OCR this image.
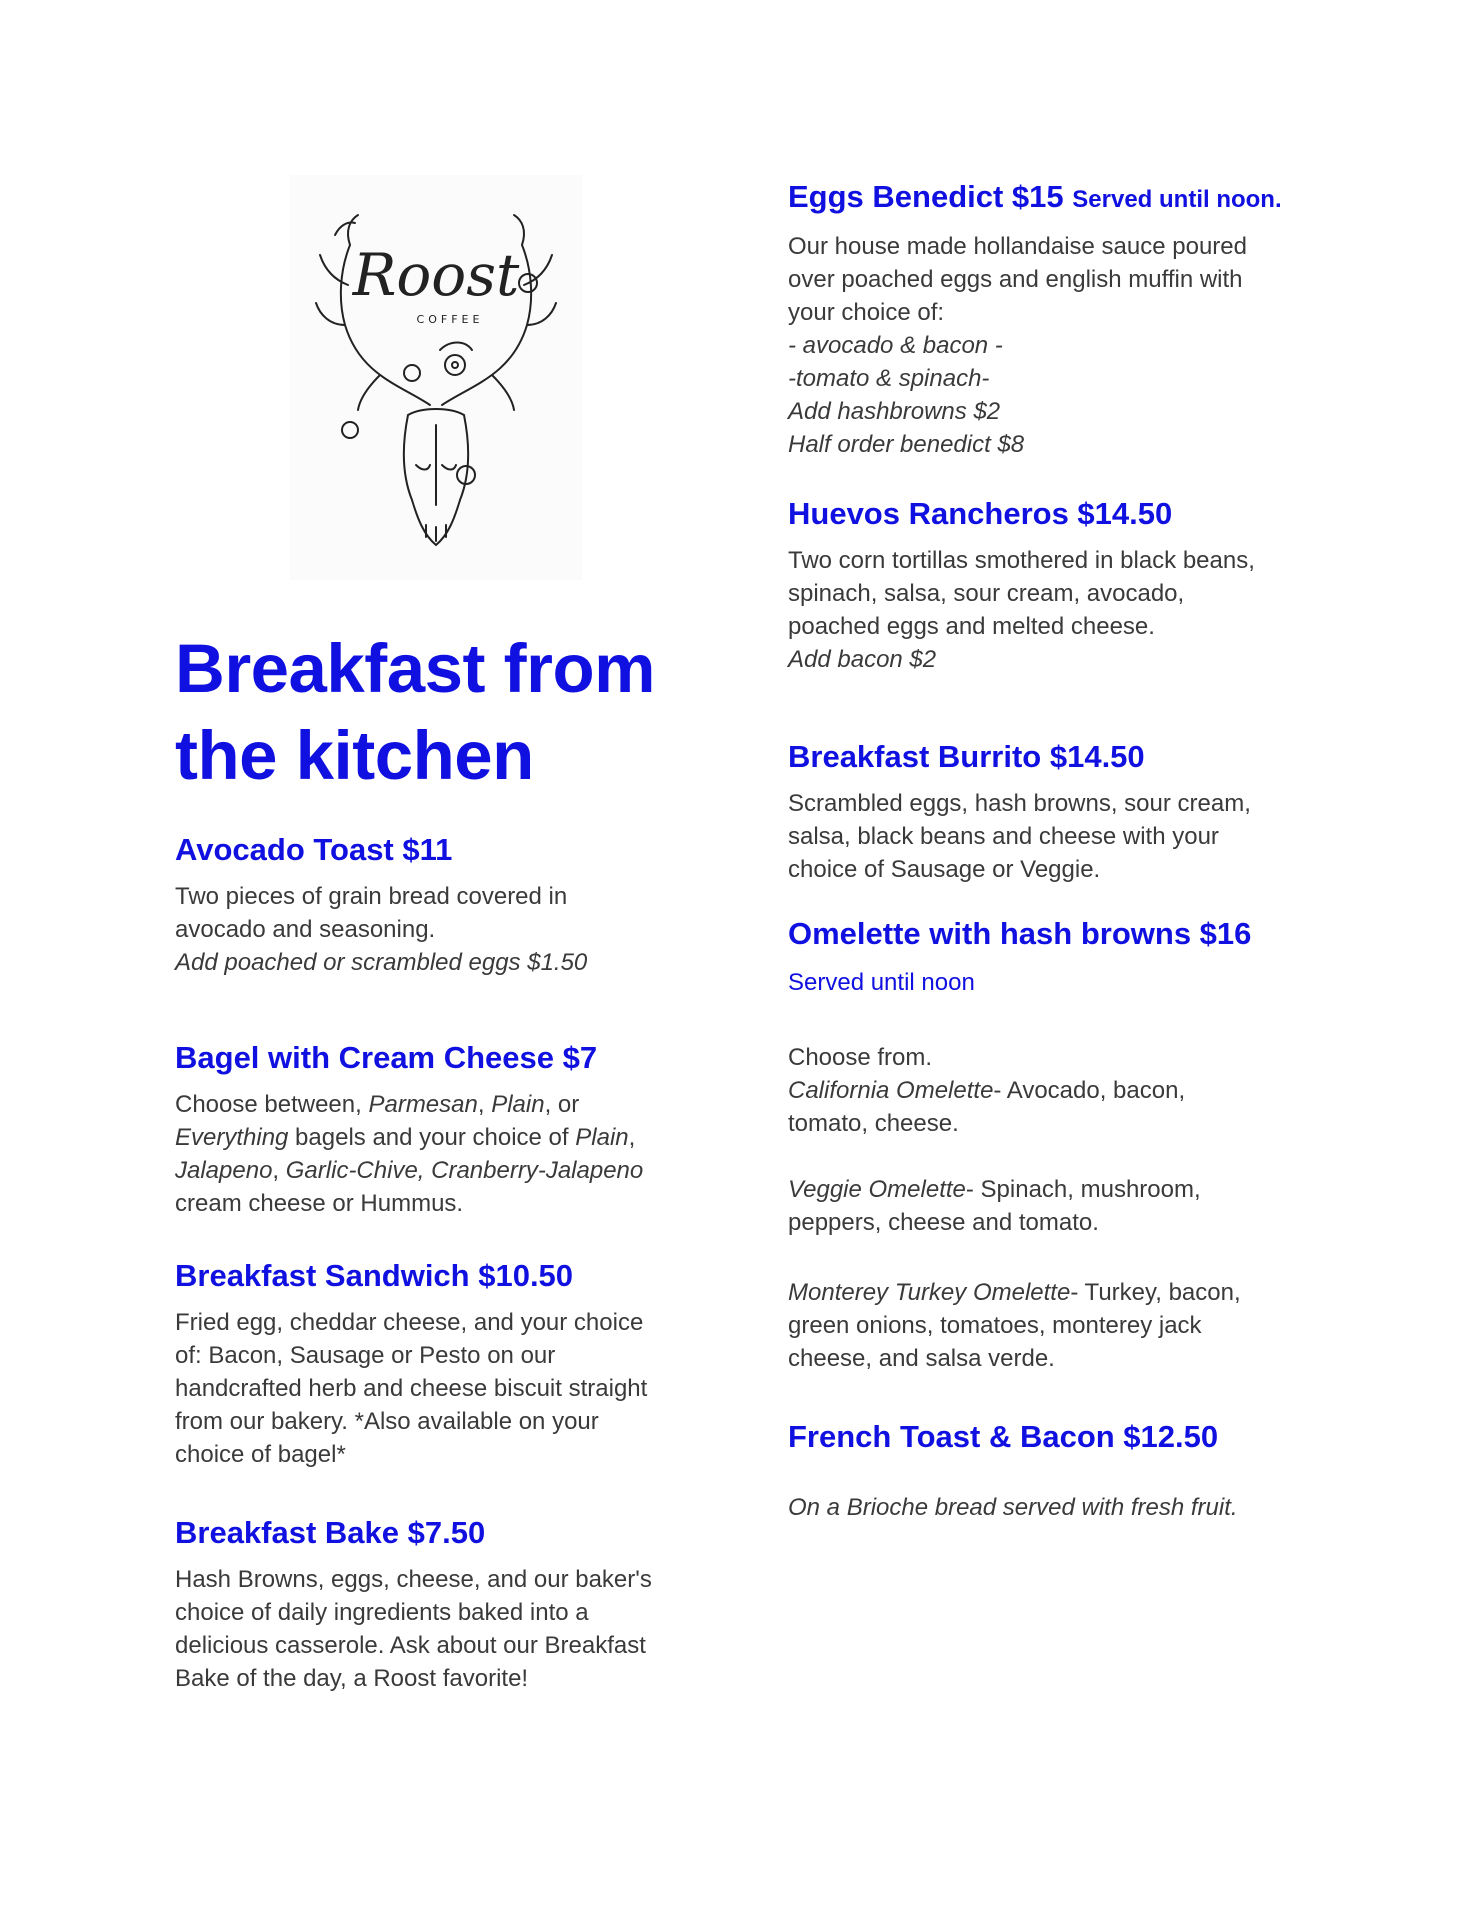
Roost
COFFEE
Breakfast from
the kitchen
Avocado Toast $11
Two pieces of grain bread covered in
avocado and seasoning.
Add poached or scrambled eggs $1.50
Bagel with Cream Cheese $7
Choose between, Parmesan, Plain, or
Everything bagels and your choice of Plain,
Jalapeno, Garlic-Chive, Cranberry-Jalapeno
cream cheese or Hummus.
Breakfast Sandwich $10.50
Fried egg, cheddar cheese, and your choice
of: Bacon, Sausage or Pesto on our
handcrafted herb and cheese biscuit straight
from our bakery. *Also available on your
choice of bagel*
Breakfast Bake $7.50
Hash Browns, eggs, cheese, and our baker's
choice of daily ingredients baked into a
delicious casserole. Ask about our Breakfast
Bake of the day, a Roost favorite!
Eggs Benedict $15 Served until noon.
Our house made hollandaise sauce poured
over poached eggs and english muffin with
your choice of:
- avocado & bacon -
-tomato & spinach-
Add hashbrowns $2
Half order benedict $8
Huevos Rancheros $14.50
Two corn tortillas smothered in black beans,
spinach, salsa, sour cream, avocado,
poached eggs and melted cheese.
Add bacon $2
Breakfast Burrito $14.50
Scrambled eggs, hash browns, sour cream,
salsa, black beans and cheese with your
choice of Sausage or Veggie.
Omelette with hash browns $16
Served until noon
Choose from.
California Omelette- Avocado, bacon,
tomato, cheese.
Veggie Omelette- Spinach, mushroom,
peppers, cheese and tomato.
Monterey Turkey Omelette- Turkey, bacon,
green onions, tomatoes, monterey jack
cheese, and salsa verde.
French Toast & Bacon $12.50
On a Brioche bread served with fresh fruit.
